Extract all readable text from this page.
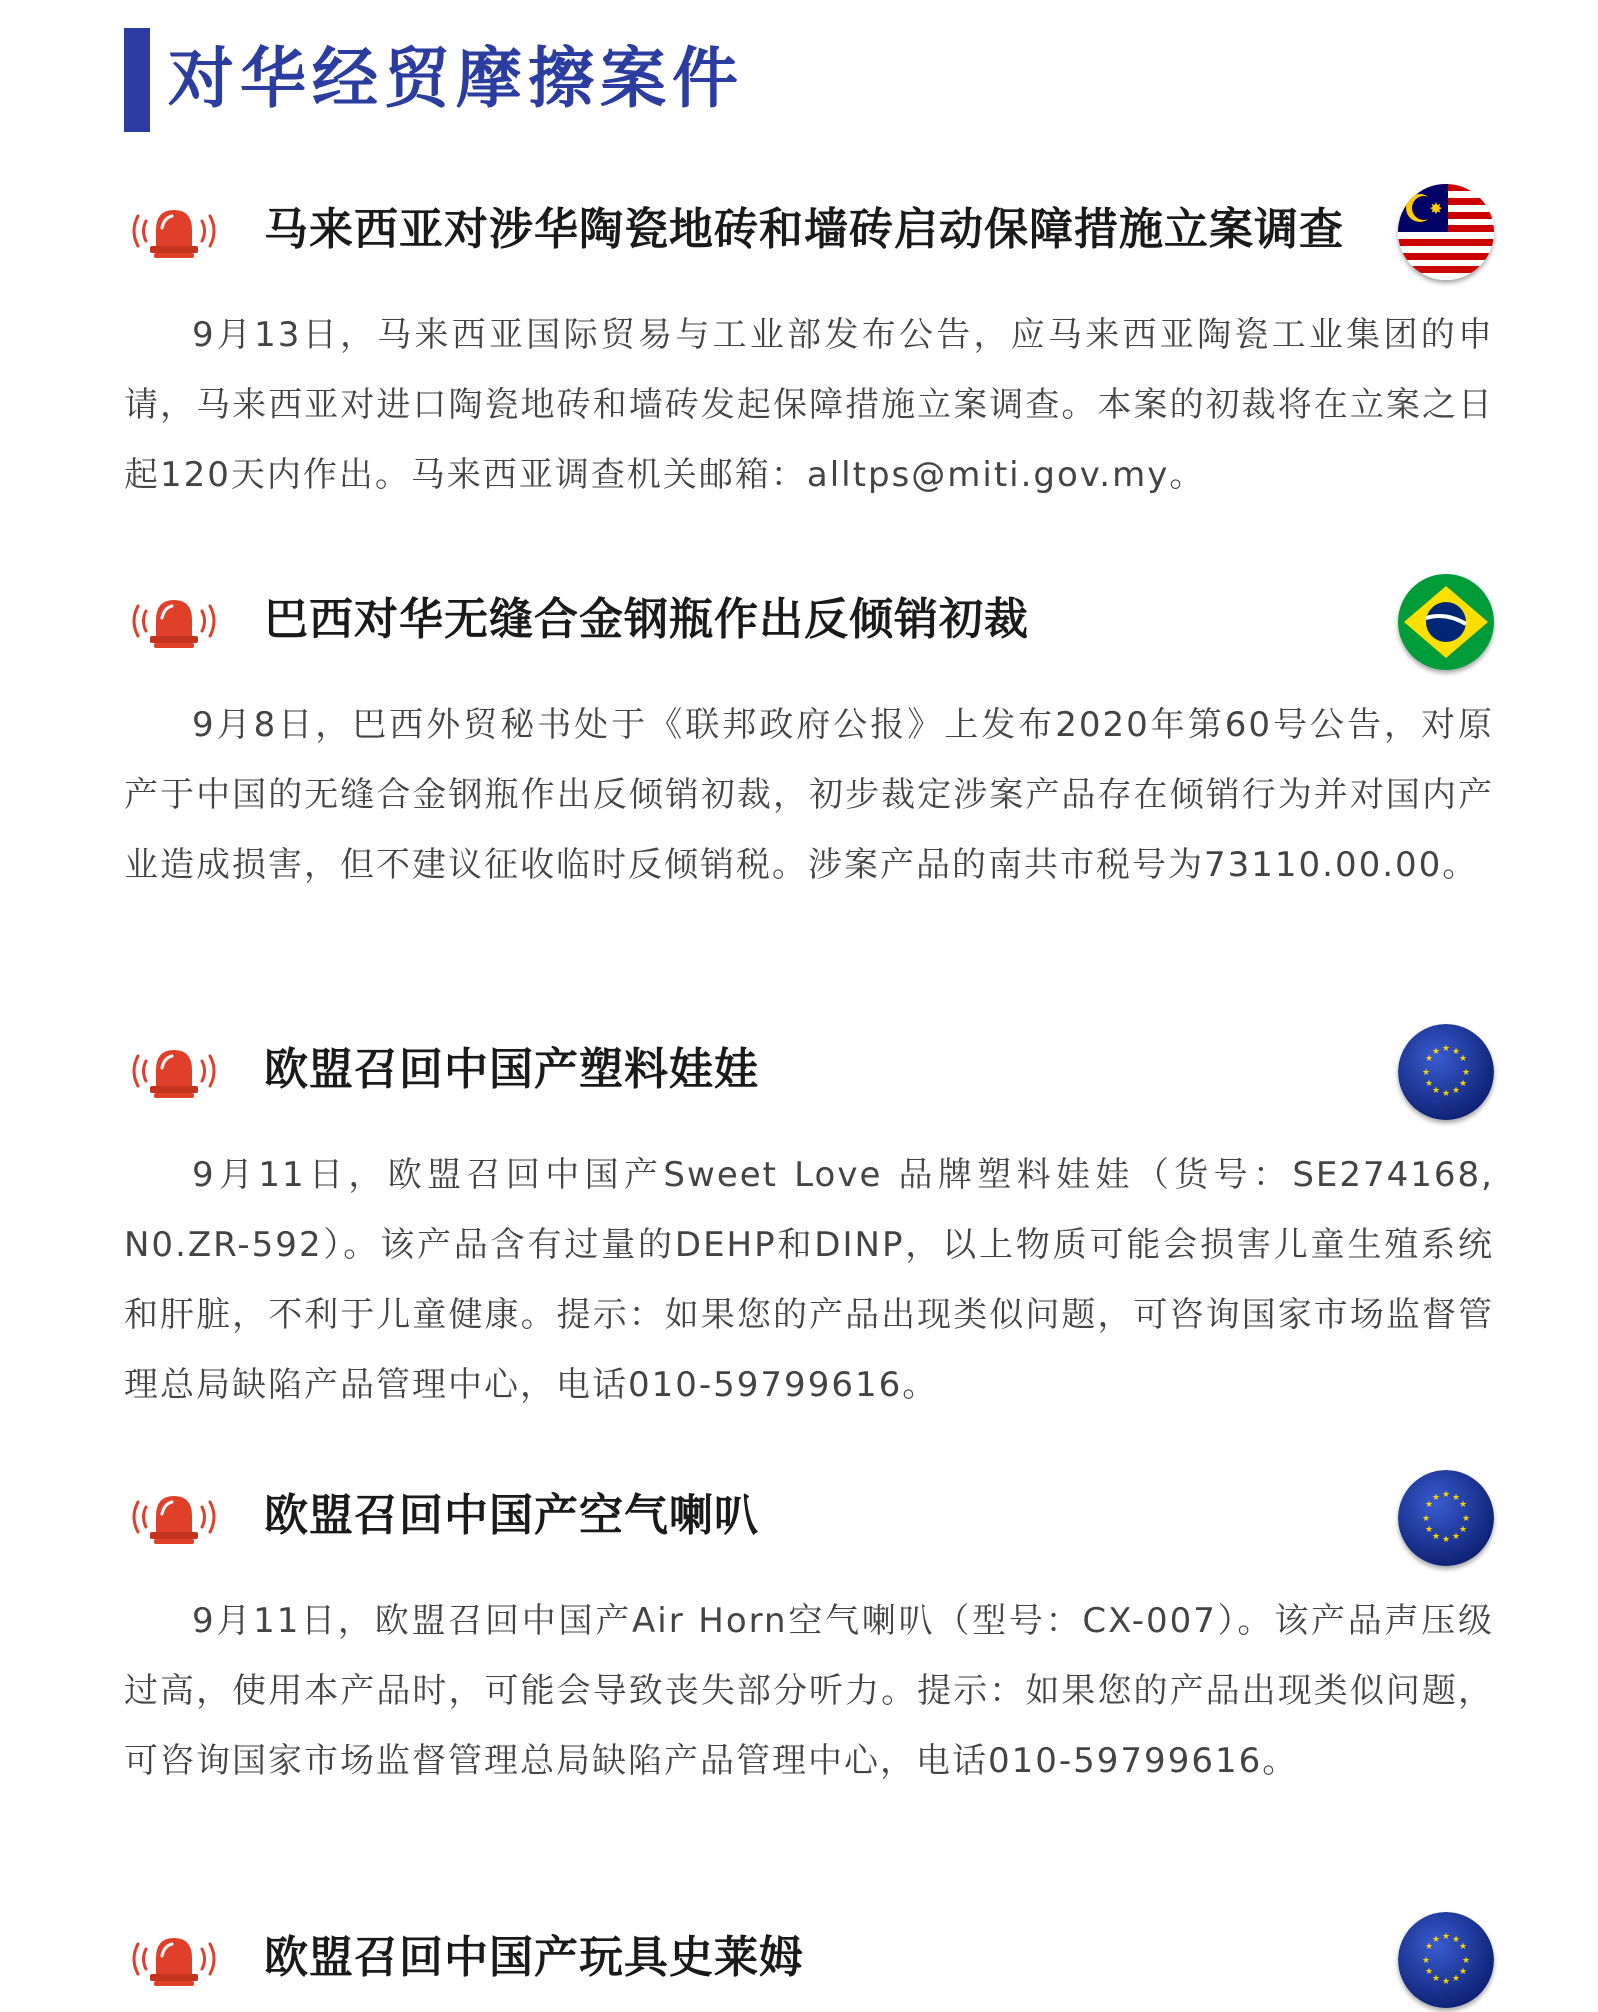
对华经贸摩擦案件
马来西亚对涉华陶瓷地砖和墙砖启动保障措施立案调查
9月13日，马来西亚国际贸易与工业部发布公告，应马来西亚陶瓷工业集团的申请，马来西亚对进口陶瓷地砖和墙砖发起保障措施立案调查。本案的初裁将在立案之日起120天内作出。马来西亚调查机关邮箱：alltps@miti.gov.my。
巴西对华无缝合金钢瓶作出反倾销初裁
9月8日，巴西外贸秘书处于《联邦政府公报》上发布2020年第60号公告，对原产于中国的无缝合金钢瓶作出反倾销初裁，初步裁定涉案产品存在倾销行为并对国内产业造成损害，但不建议征收临时反倾销税。涉案产品的南共市税号为73110.00.00。
欧盟召回中国产塑料娃娃
9月11日，欧盟召回中国产Sweet Love 品牌塑料娃娃（货号：SE274168, N0.ZR-592）。该产品含有过量的DEHP和DINP，以上物质可能会损害儿童生殖系统和肝脏，不利于儿童健康。提示：如果您的产品出现类似问题，可咨询国家市场监督管理总局缺陷产品管理中心，电话010-59799616。
欧盟召回中国产空气喇叭
9月11日，欧盟召回中国产Air Horn空气喇叭（型号：CX-007）。该产品声压级过高，使用本产品时，可能会导致丧失部分听力。提示：如果您的产品出现类似问题，可咨询国家市场监督管理总局缺陷产品管理中心，电话010-59799616。
欧盟召回中国产玩具史莱姆
